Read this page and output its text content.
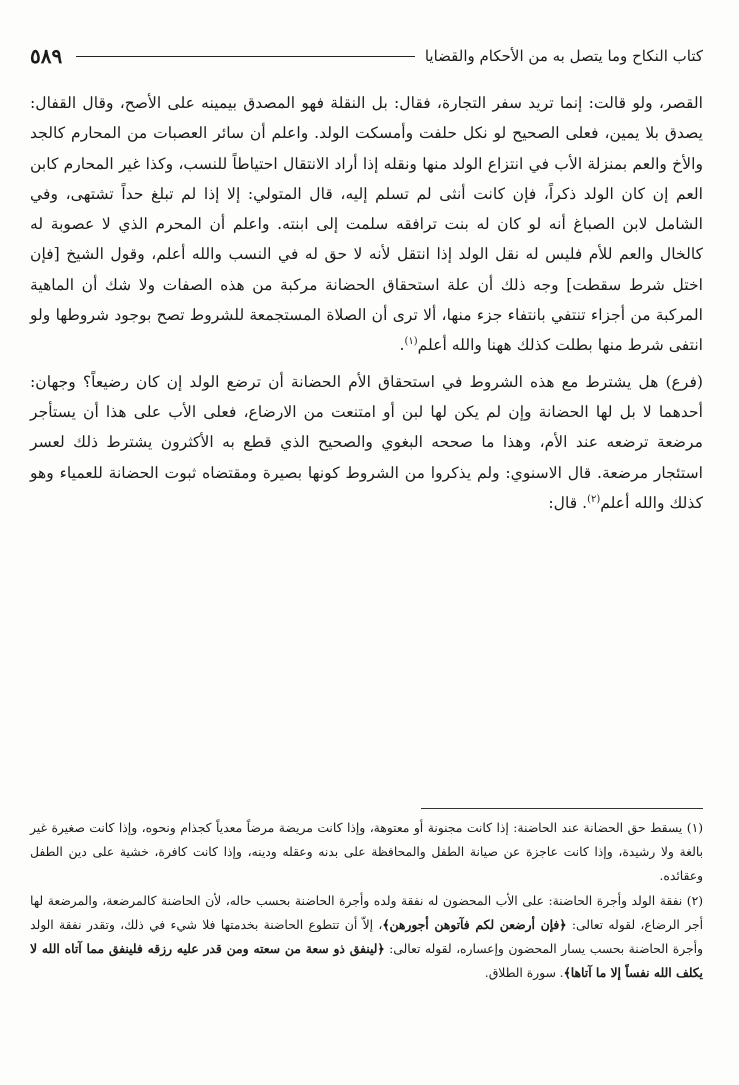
كتاب النكاح وما يتصل به من الأحكام والقضايا
٥٨٩

القصر، ولو قالت: إنما تريد سفر التجارة، فقال: بل النقلة فهو المصدق بيمينه على الأصح، وقال القفال: يصدق بلا يمين، فعلى الصحيح لو نكل حلفت وأمسكت الولد. واعلم أن سائر العصبات من المحارم كالجد والأخ والعم بمنزلة الأب في انتزاع الولد منها ونقله إذا أراد الانتقال احتياطاً للنسب، وكذا غير المحارم كابن العم إن كان الولد ذكراً، فإن كانت أنثى لم تسلم إليه، قال المتولي: إلا إذا لم تبلغ حداً تشتهى، وفي الشامل لابن الصباغ أنه لو كان له بنت ترافقه سلمت إلى ابنته. واعلم أن المحرم الذي لا عصوبة له كالخال والعم للأم فليس له نقل الولد إذا انتقل لأنه لا حق له في النسب والله أعلم، وقول الشيخ [فإن اختل شرط سقطت] وجه ذلك أن علة استحقاق الحضانة مركبة من هذه الصفات ولا شك أن الماهية المركبة من أجزاء تنتفي بانتفاء جزء منها، ألا ترى أن الصلاة المستجمعة للشروط تصح بوجود شروطها ولو انتفى شرط منها بطلت كذلك ههنا والله أعلم$^{(١)}$.

(فرع) هل يشترط مع هذه الشروط في استحقاق الأم الحضانة أن ترضع الولد إن كان رضيعاً؟ وجهان: أحدهما لا بل لها الحضانة وإن لم يكن لها لبن أو امتنعت من الارضاع، فعلى الأب على هذا أن يستأجر مرضعة ترضعه عند الأم، وهذا ما صححه البغوي والصحيح الذي قطع به الأكثرون يشترط ذلك لعسر استئجار مرضعة. قال الاسنوي: ولم يذكروا من الشروط كونها بصيرة ومقتضاه ثبوت الحضانة للعمياء وهو كذلك والله أعلم$^{(٢)}$. قال:

(١) يسقط حق الحضانة عند الحاضنة: إذا كانت مجنونة أو معتوهة، وإذا كانت مريضة مرضاً معدياً كجذام ونحوه، وإذا كانت صغيرة غير بالغة ولا رشيدة، وإذا كانت عاجزة عن صيانة الطفل والمحافظة على بدنه وعقله ودينه، وإذا كانت كافرة، خشية على دين الطفل وعقائده.

(٢) نفقة الولد وأجرة الحاضنة: على الأب المحضون له نفقة ولده وأجرة الحاضنة بحسب حاله، لأن الحاضنة كالمرضعة، والمرضعة لها أجر الرضاع، لقوله تعالى: ﴿فإن أرضعن لكم فآتوهن أجورهن﴾، إلاّ أن تتطوع الحاضنة بخدمتها فلا شيء في ذلك، وتقدر نفقة الولد وأجرة الحاضنة بحسب يسار المحضون وإعساره، لقوله تعالى: ﴿لينفق ذو سعة من سعته ومن قدر عليه رزقه فلينفق مما آتاه الله لا يكلف الله نفساً إلا ما آتاها﴾. سورة الطلاق.
